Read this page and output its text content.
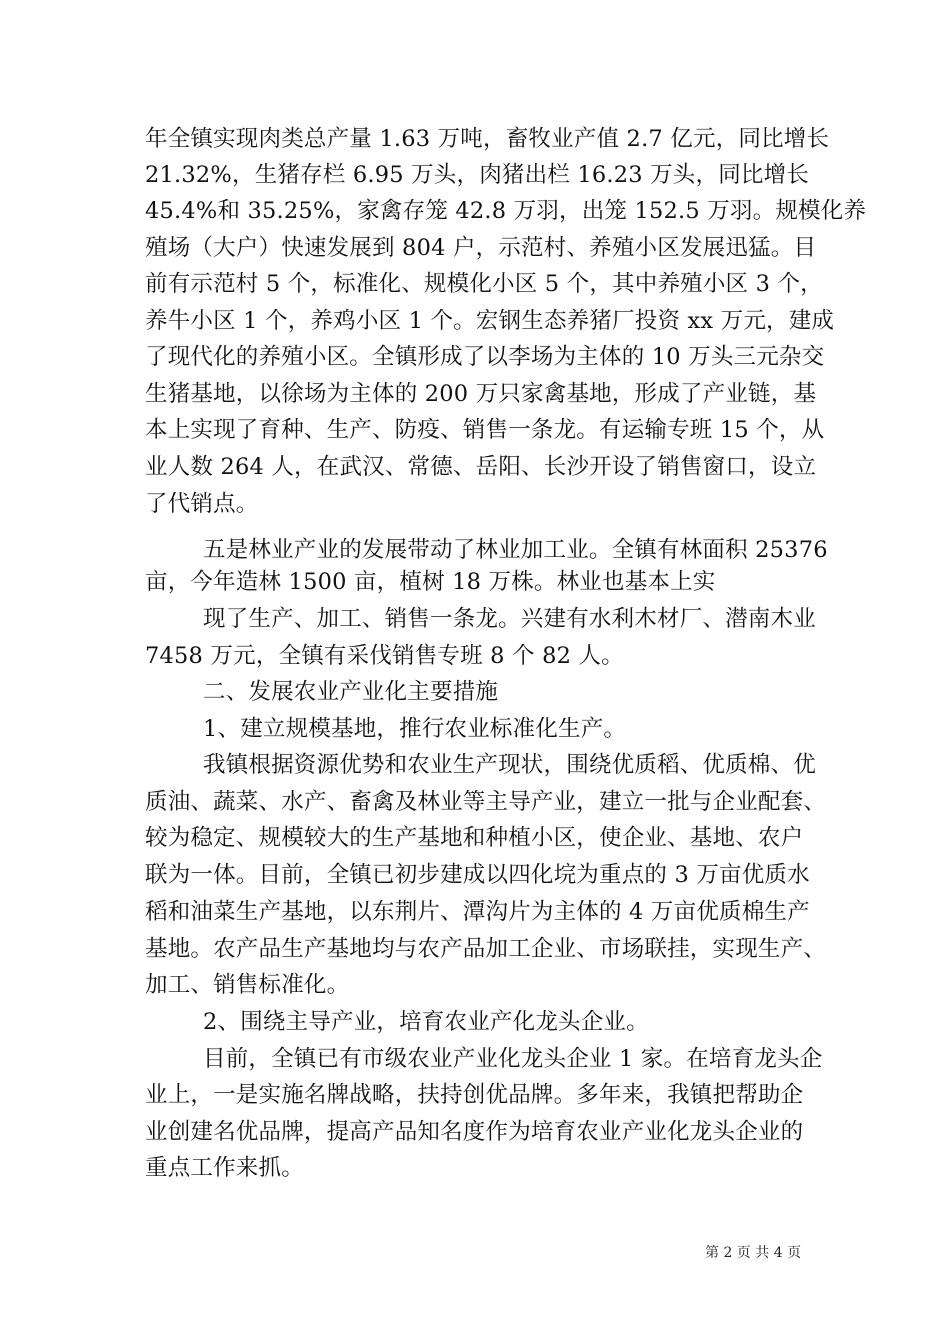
年全镇实现肉类总产量 1.63 万吨，畜牧业产值 2.7 亿元，同比增长
21.32%，生猪存栏 6.95 万头，肉猪出栏 16.23 万头，同比增长
45.4%和 35.25%，家禽存笼 42.8 万羽，出笼 152.5 万羽。规模化养
殖场（大户）快速发展到 804 户，示范村、养殖小区发展迅猛。目
前有示范村 5 个，标准化、规模化小区 5 个，其中养殖小区 3 个，
养牛小区 1 个，养鸡小区 1 个。宏钢生态养猪厂投资 xx 万元，建成
了现代化的养殖小区。全镇形成了以李场为主体的 10 万头三元杂交
生猪基地，以徐场为主体的 200 万只家禽基地，形成了产业链，基
本上实现了育种、生产、防疫、销售一条龙。有运输专班 15 个，从
业人数 264 人，在武汉、常德、岳阳、长沙开设了销售窗口，设立
了代销点。
五是林业产业的发展带动了林业加工业。全镇有林面积 25376
亩，今年造林 1500 亩，植树 18 万株。林业也基本上实
现了生产、加工、销售一条龙。兴建有水利木材厂、潜南木业
7458 万元，全镇有采伐销售专班 8 个 82 人。
二、发展农业产业化主要措施
1、建立规模基地，推行农业标准化生产。
我镇根据资源优势和农业生产现状，围绕优质稻、优质棉、优
质油、蔬菜、水产、畜禽及林业等主导产业，建立一批与企业配套、
较为稳定、规模较大的生产基地和种植小区，使企业、基地、农户
联为一体。目前，全镇已初步建成以四化垸为重点的 3 万亩优质水
稻和油菜生产基地，以东荆片、潭沟片为主体的 4 万亩优质棉生产
基地。农产品生产基地均与农产品加工企业、市场联挂，实现生产、
加工、销售标准化。
2、围绕主导产业，培育农业产化龙头企业。
目前，全镇已有市级农业产业化龙头企业 1 家。在培育龙头企
业上，一是实施名牌战略，扶持创优品牌。多年来，我镇把帮助企
业创建名优品牌，提高产品知名度作为培育农业产业化龙头企业的
重点工作来抓。
第 2 页 共 4 页
